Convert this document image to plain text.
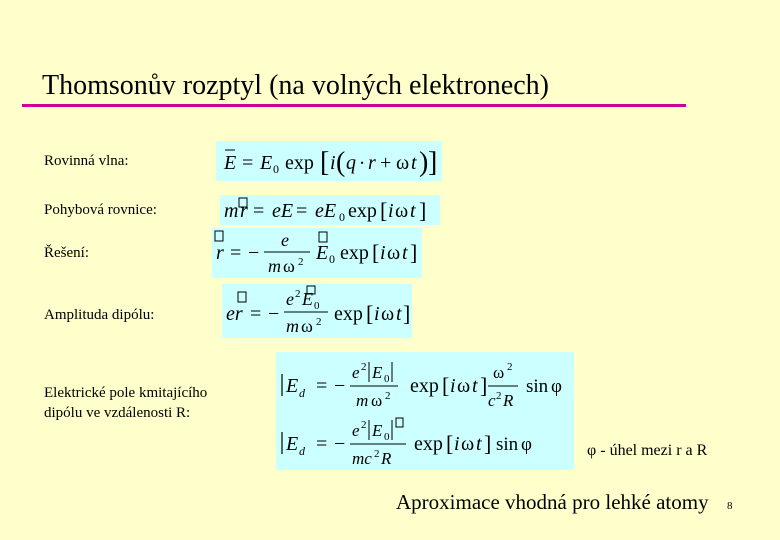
Thomsonův rozptyl (na volných elektronech)
Rovinná vlna:
Pohybová rovnice:
Řešení:
Amplituda dipólu:
Elektrické pole kmitajícího
dipólu ve vzdálenosti R:
E = E 0 exp [ i ( q ⋅ r + ω t ) ]
m r = eE = eE 0 exp [ i ω t ]
r = −
e
m ω 2 E 0 exp [ i ω t ]
er = −
e 2 E 0
m ω 2 exp [ i ω t ]
E d = −
e 2 E 0
m ω 2 exp [ i ω t ]
ω 2
c 2 R
sin φ
E d = −
e 2 E 0
mc 2 R
exp [ i ω t ] sin φ	φ - úhel mezi r a R
Aproximace vhodná pro lehké atomy 8
